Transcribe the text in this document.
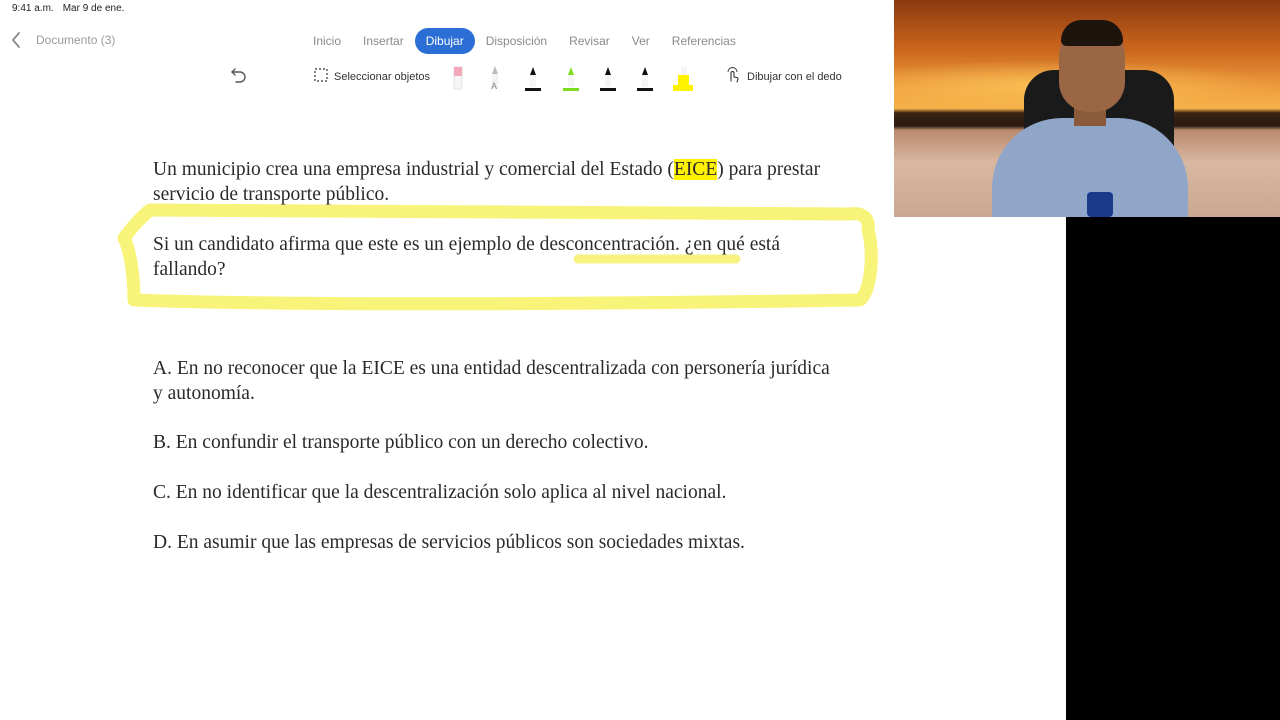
9:41 a.m. Mar 9 de ene.
Documento (3)	Inicio	Insertar	Dibujar	Disposición	Revisar	Ver	Referencias
Seleccionar objetos
A
Dibujar con el dedo
Un municipio crea una empresa industrial y comercial del Estado (EICE) para prestar
servicio de transporte público.
Si un candidato afirma que este es un ejemplo de desconcentración. ¿en qué está
fallando?
A. En no reconocer que la EICE es una entidad descentralizada con personería jurídica
y autonomía.
B. En confundir el transporte público con un derecho colectivo.
C. En no identificar que la descentralización solo aplica al nivel nacional.
D. En asumir que las empresas de servicios públicos son sociedades mixtas.
